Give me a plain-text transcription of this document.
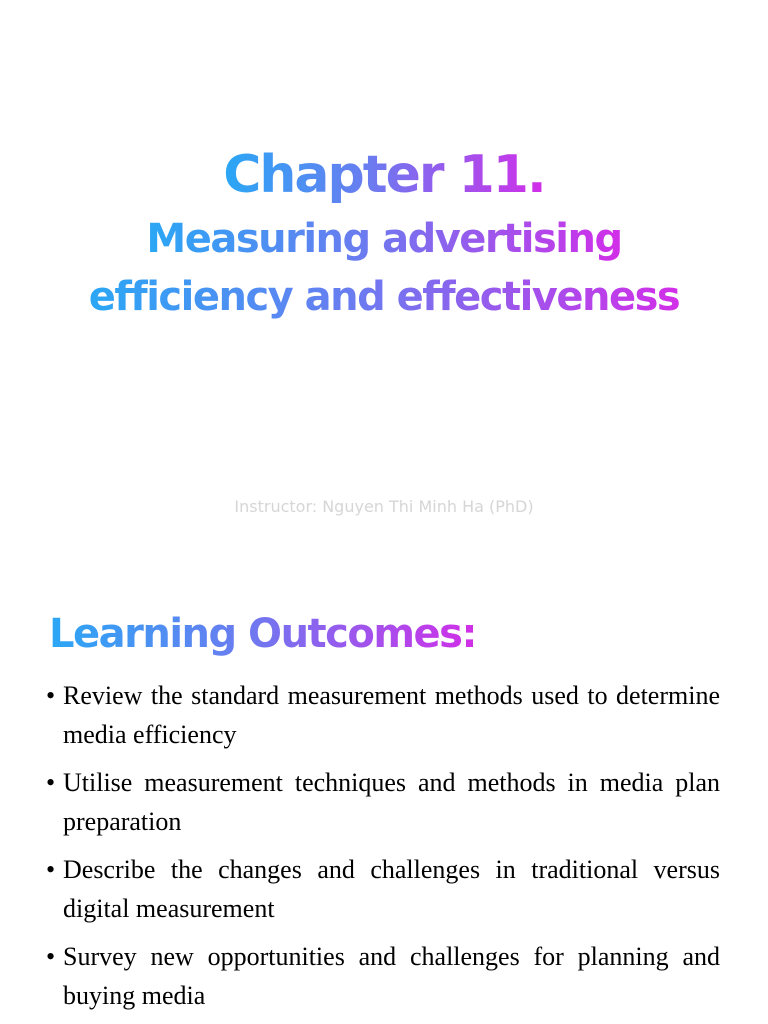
Chapter 11.
Measuring advertising
efficiency and effectiveness
Instructor: Nguyen Thi Minh Ha (PhD)
Learning Outcomes:
• Review the standard measurement methods used to determine media efficiency
• Utilise measurement techniques and methods in media plan preparation
• Describe the changes and challenges in traditional versus digital measurement
• Survey new opportunities and challenges for planning and buying media
